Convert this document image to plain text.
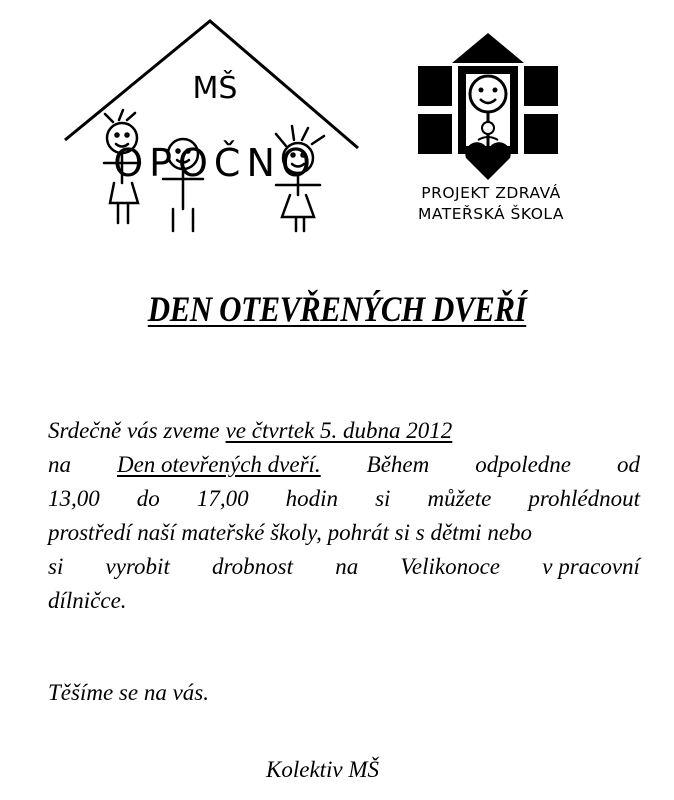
MŠ
OPOČNO
PROJEKT ZDRAVÁ
MATEŘSKÁ ŠKOLA
DEN OTEVŘENÝCH DVEŘÍ
Srdečně vás zveme ve čtvrtek 5. dubna 2012
na Den otevřených dveří. Během odpoledne od
13,00 do 17,00 hodin si můžete prohlédnout
prostředí naší mateřské školy, pohrát si s dětmi nebo
si vyrobit drobnost na Velikonoce v pracovní
dílničce.
Těšíme se na vás.
Kolektiv MŠ
